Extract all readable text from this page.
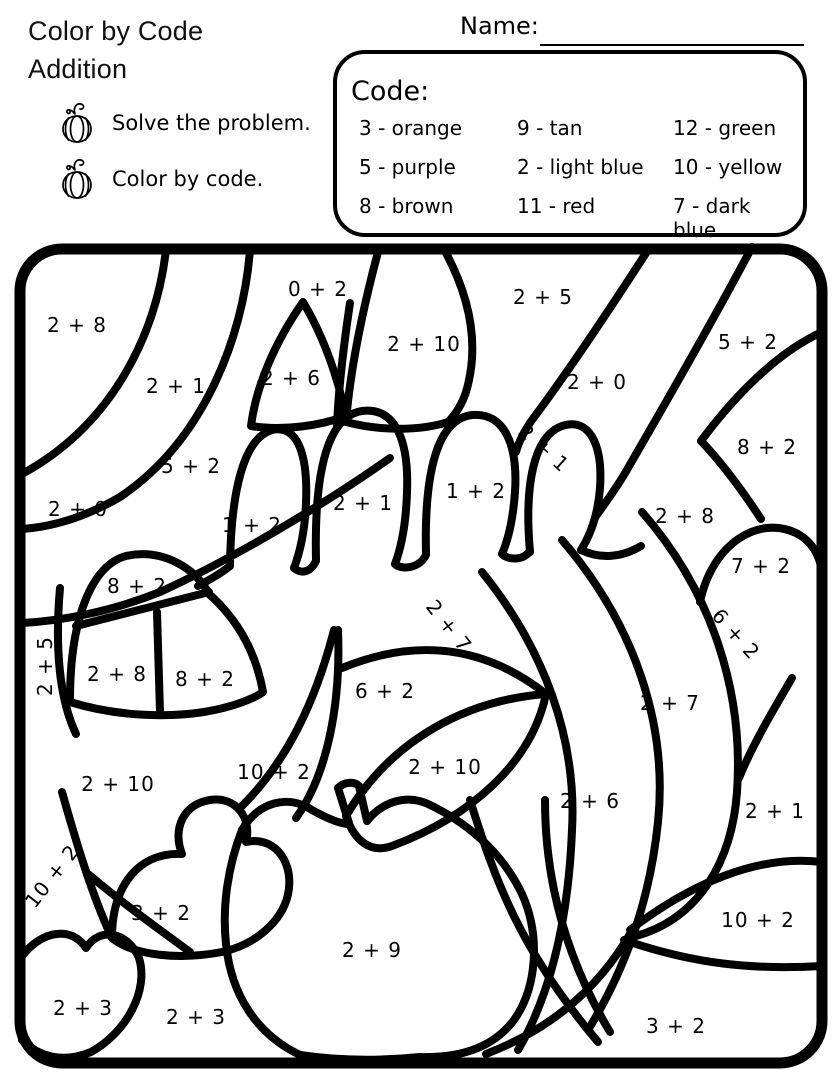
Color by Code
Addition
Name:
Solve the problem.
Color by code.
Code:
3 - orange	9 - tan	12 - green
5 - purple	2 - light blue	10 - yellow
8 - brown	11 - red	7 - dark blue
2 + 8
0 + 2
2 + 10
2 + 5
5 + 2
2 + 1	2 + 6	2 + 0
8 + 2
2 + 1
5 + 2
2 + 0
1 + 2
2 + 1	1 + 2
2 + 8
7 + 2
8 + 2
2 + 5 2 + 8 8 + 2
2 + 7	6 + 2
6 + 2	2 + 7
2 + 10	10 + 2	2 + 10
2 + 6	2 + 1
10 + 2
3 + 2
2 + 9
10 + 2
2 + 3	2 + 3	3 + 2
